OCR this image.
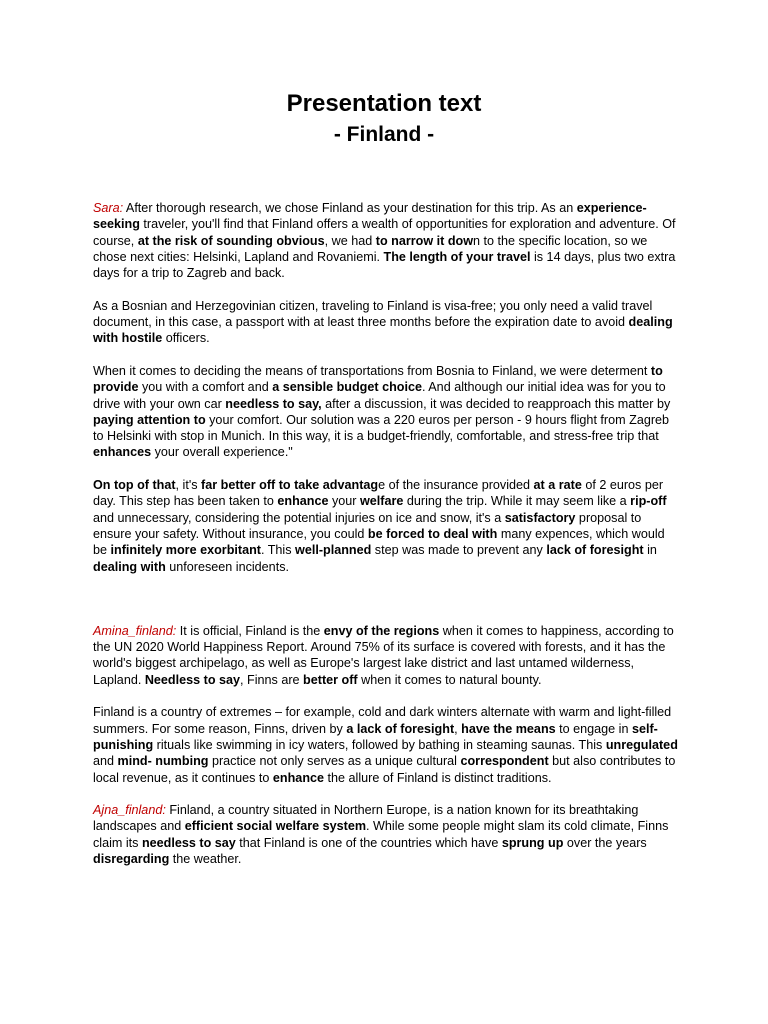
Presentation text
- Finland -

Sara: After thorough research, we chose Finland as your destination for this trip. As an experience-seeking traveler, you'll find that Finland offers a wealth of opportunities for exploration and adventure. Of course, at the risk of sounding obvious, we had to narrow it down to the specific location, so we chose next cities: Helsinki, Lapland and Rovaniemi. The length of your travel is 14 days, plus two extra days for a trip to Zagreb and back.

As a Bosnian and Herzegovinian citizen, traveling to Finland is visa-free; you only need a valid travel document, in this case, a passport with at least three months before the expiration date to avoid dealing with hostile officers.

When it comes to deciding the means of transportations from Bosnia to Finland, we were determent to provide you with a comfort and a sensible budget choice. And although our initial idea was for you to drive with your own car needless to say, after a discussion, it was decided to reapproach this matter by paying attention to your comfort. Our solution was a 220 euros per person - 9 hours flight from Zagreb to Helsinki with stop in Munich. In this way, it is a budget-friendly, comfortable, and stress-free trip that enhances your overall experience."

On top of that, it's far better off to take advantage of the insurance provided at a rate of 2 euros per day. This step has been taken to enhance your welfare during the trip. While it may seem like a rip-off and unnecessary, considering the potential injuries on ice and snow, it's a satisfactory proposal to ensure your safety. Without insurance, you could be forced to deal with many expences, which would be infinitely more exorbitant. This well-planned step was made to prevent any lack of foresight in dealing with unforeseen incidents.

Amina_finland: It is official, Finland is the envy of the regions when it comes to happiness, according to the UN 2020 World Happiness Report. Around 75% of its surface is covered with forests, and it has the world's biggest archipelago, as well as Europe's largest lake district and last untamed wilderness, Lapland. Needless to say, Finns are better off when it comes to natural bounty.

Finland is a country of extremes – for example, cold and dark winters alternate with warm and light-filled summers. For some reason, Finns, driven by a lack of foresight, have the means to engage in self-punishing rituals like swimming in icy waters, followed by bathing in steaming saunas. This unregulated and mind- numbing practice not only serves as a unique cultural correspondent but also contributes to local revenue, as it continues to enhance the allure of Finland is distinct traditions.

Ajna_finland: Finland, a country situated in Northern Europe, is a nation known for its breathtaking landscapes and efficient social welfare system. While some people might slam its cold climate, Finns claim its needless to say that Finland is one of the countries which have sprung up over the years disregarding the weather.
